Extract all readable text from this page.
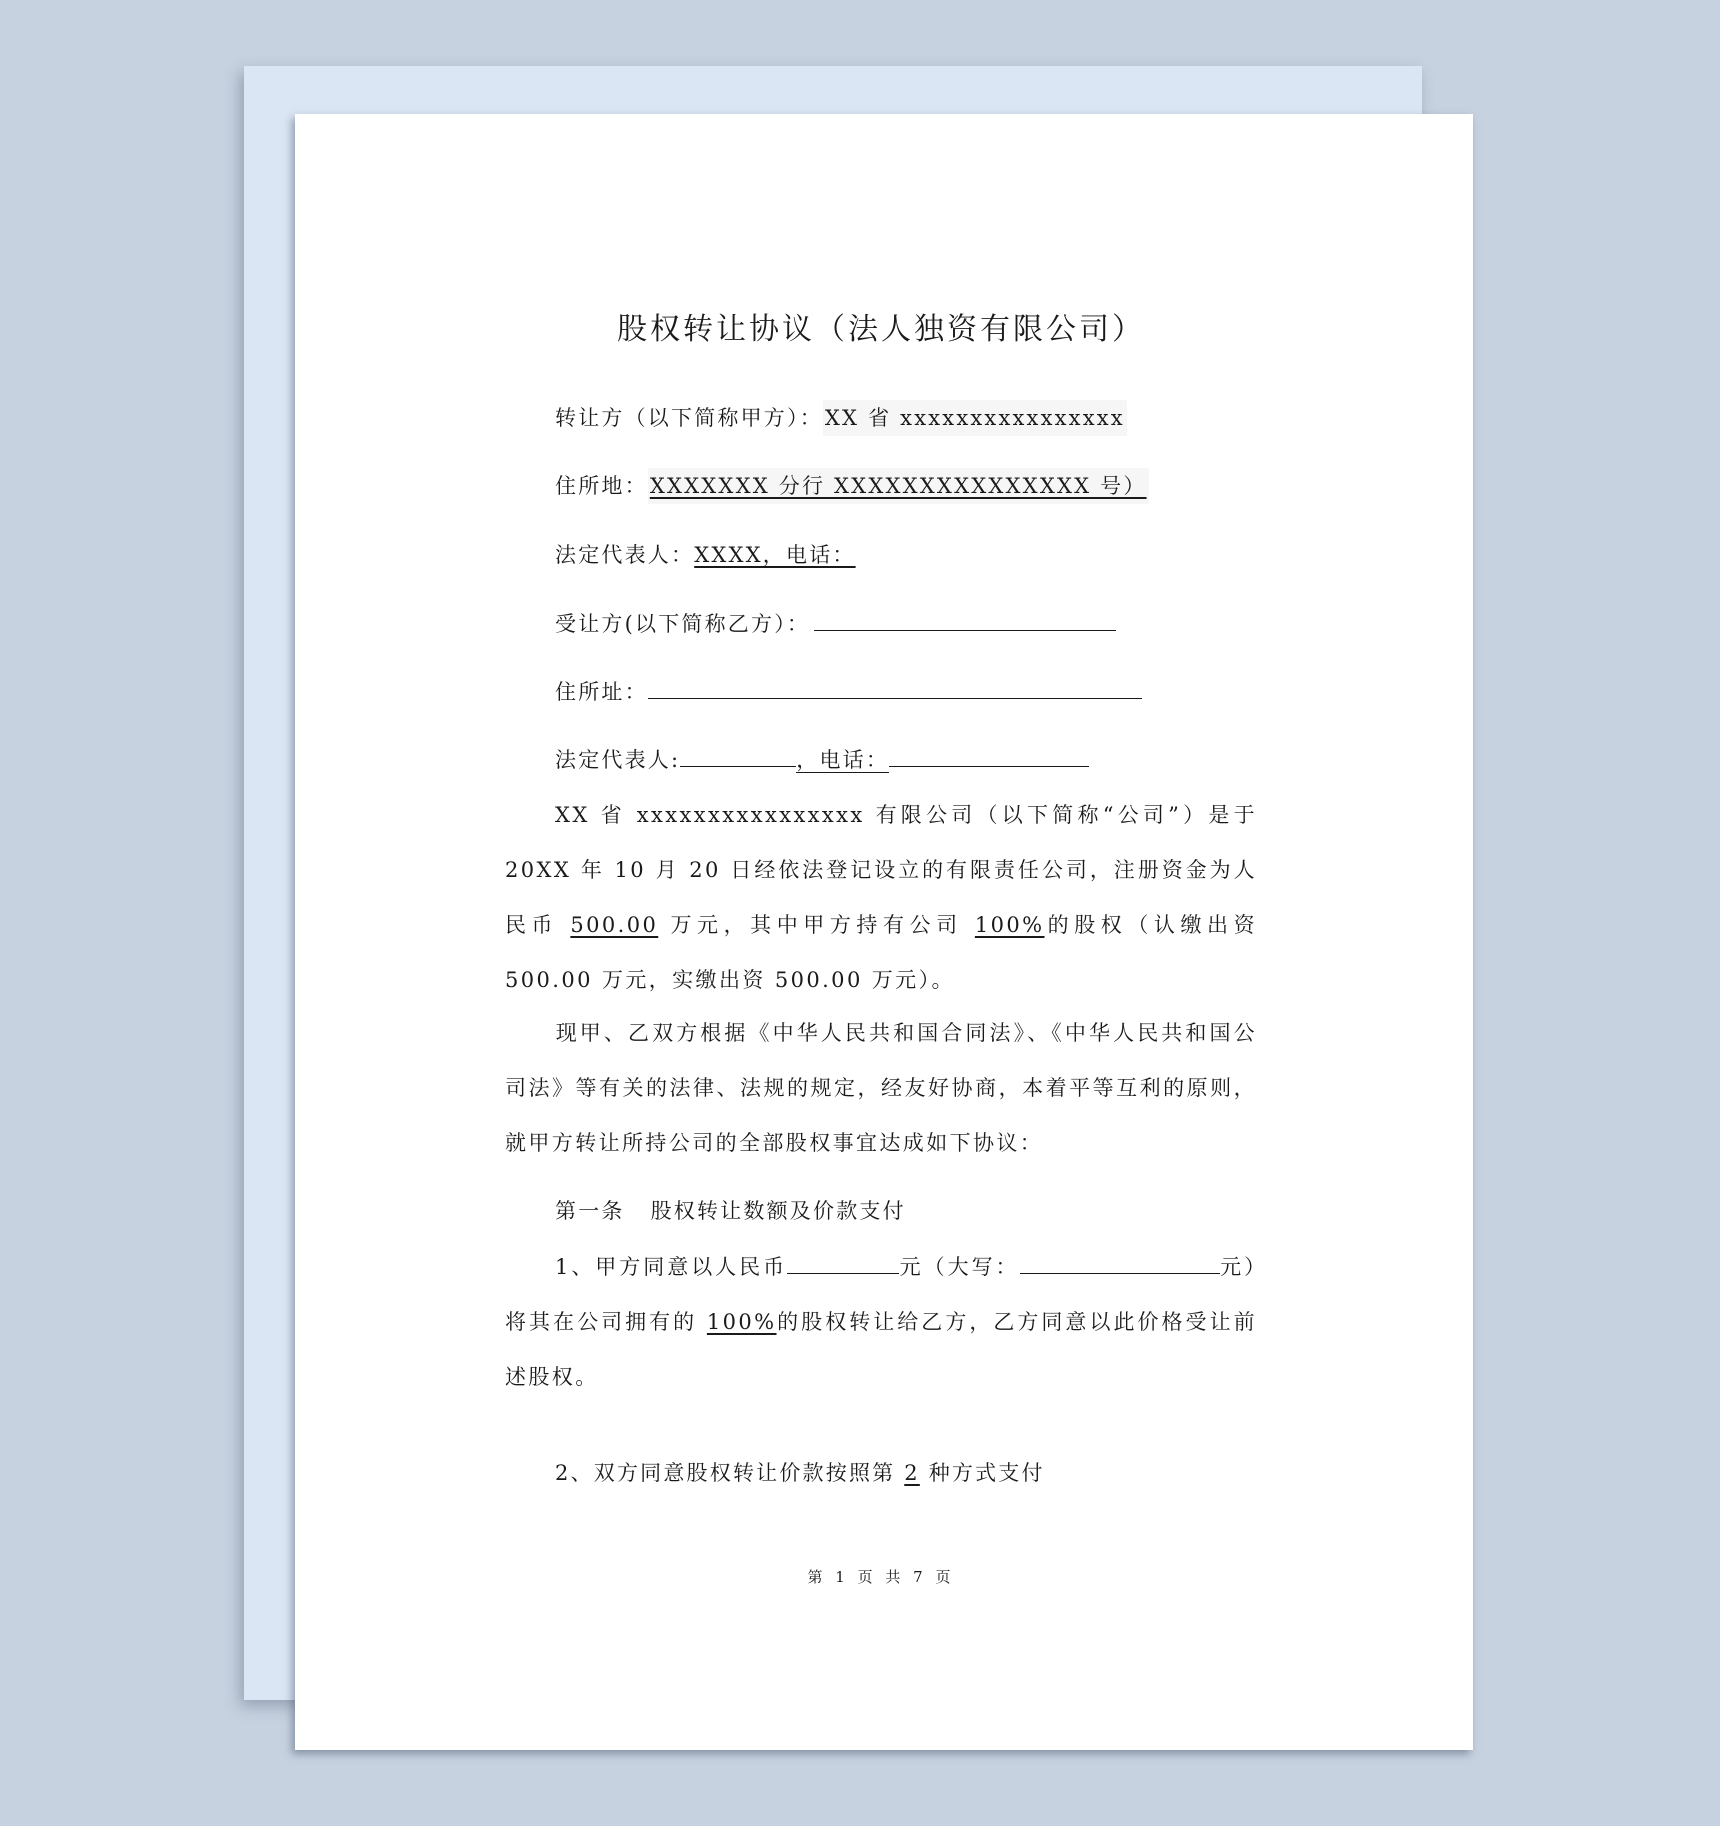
股权转让协议（法人独资有限公司）
转让方（以下简称甲方）：XX 省 xxxxxxxxxxxxxxxx
住所地：XXXXXXX 分行 XXXXXXXXXXXXXXX 号）
法定代表人：XXXX，电话：
受让方(以下简称乙方）：
住所址：
法定代表人:	，电话：
XX 省 xxxxxxxxxxxxxxxx 有限公司（以下简称“公司”）是于 20XX 年 10 月 20 日经依法登记设立的有限责任公司，注册资金为人民币 500.00 万元，其中甲方持有公司 100%的股权（认缴出资 500.00 万元，实缴出资 500.00 万元）。
现甲、乙双方根据《中华人民共和国合同法》、《中华人民共和国公司法》等有关的法律、法规的规定，经友好协商，本着平等互利的原则，就甲方转让所持公司的全部股权事宜达成如下协议：
第一条 股权转让数额及价款支付
1、甲方同意以人民币	元（大写：	元）将其在公司拥有的 100%的股权转让给乙方，乙方同意以此价格受让前述股权。
2、双方同意股权转让价款按照第 2 种方式支付
第 1 页 共 7 页
